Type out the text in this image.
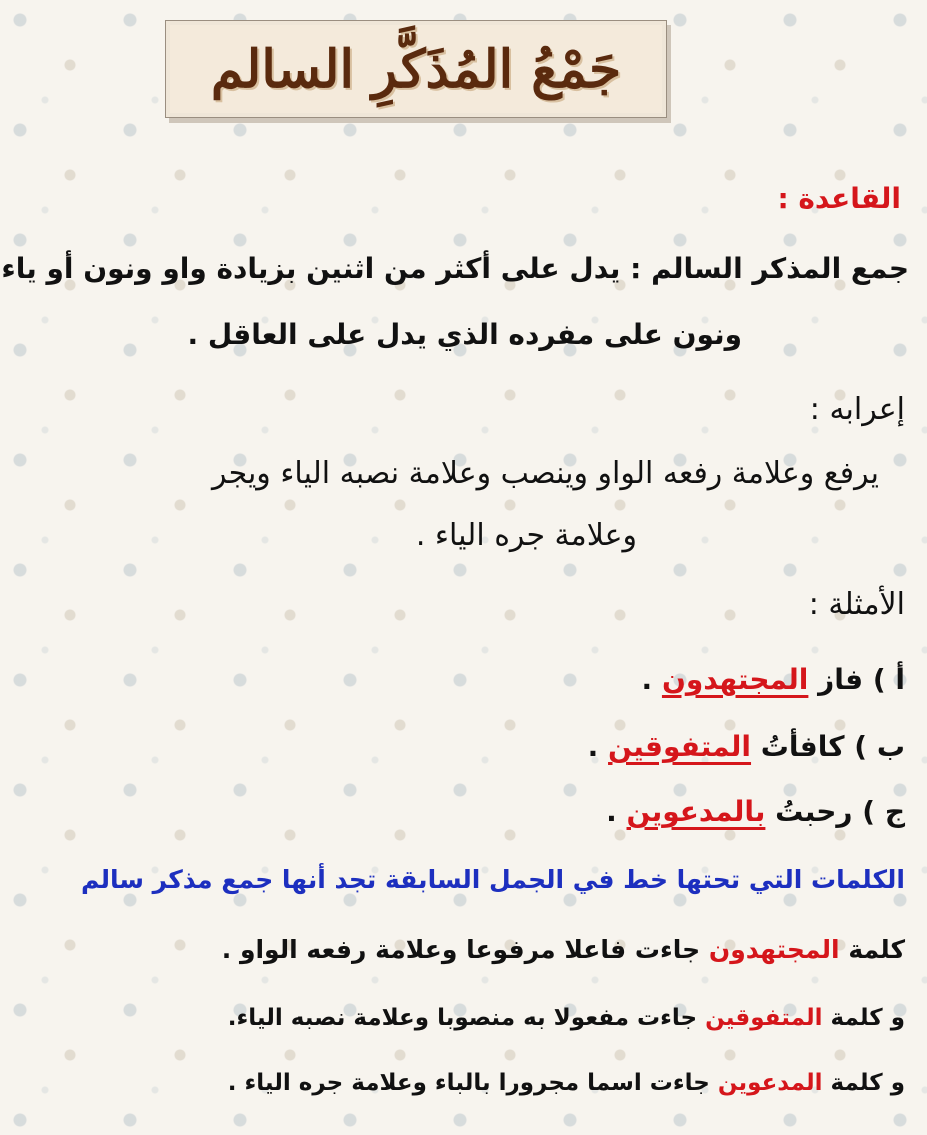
جَمْعُ المُذَكَّرِ السالم
القاعدة :
جمع المذكر السالم : يدل على أكثر من اثنين بزيادة واو ونون أو ياء
ونون على مفرده الذي يدل على العاقل .
إعرابه :
يرفع وعلامة رفعه الواو وينصب وعلامة نصبه الياء ويجر
وعلامة جره الياء .
الأمثلة :
أ ) فاز المجتهدون .
ب ) كافأتُ المتفوقين .
ج ) رحبتُ بالمدعوين .
الكلمات التي تحتها خط في الجمل السابقة تجد أنها جمع مذكر سالم
كلمة المجتهدون جاءت فاعلا مرفوعا وعلامة رفعه الواو .
و كلمة المتفوقين جاءت مفعولا به منصوبا وعلامة نصبه الياء.
و كلمة المدعوين جاءت اسما مجرورا بالباء وعلامة جره الياء .
